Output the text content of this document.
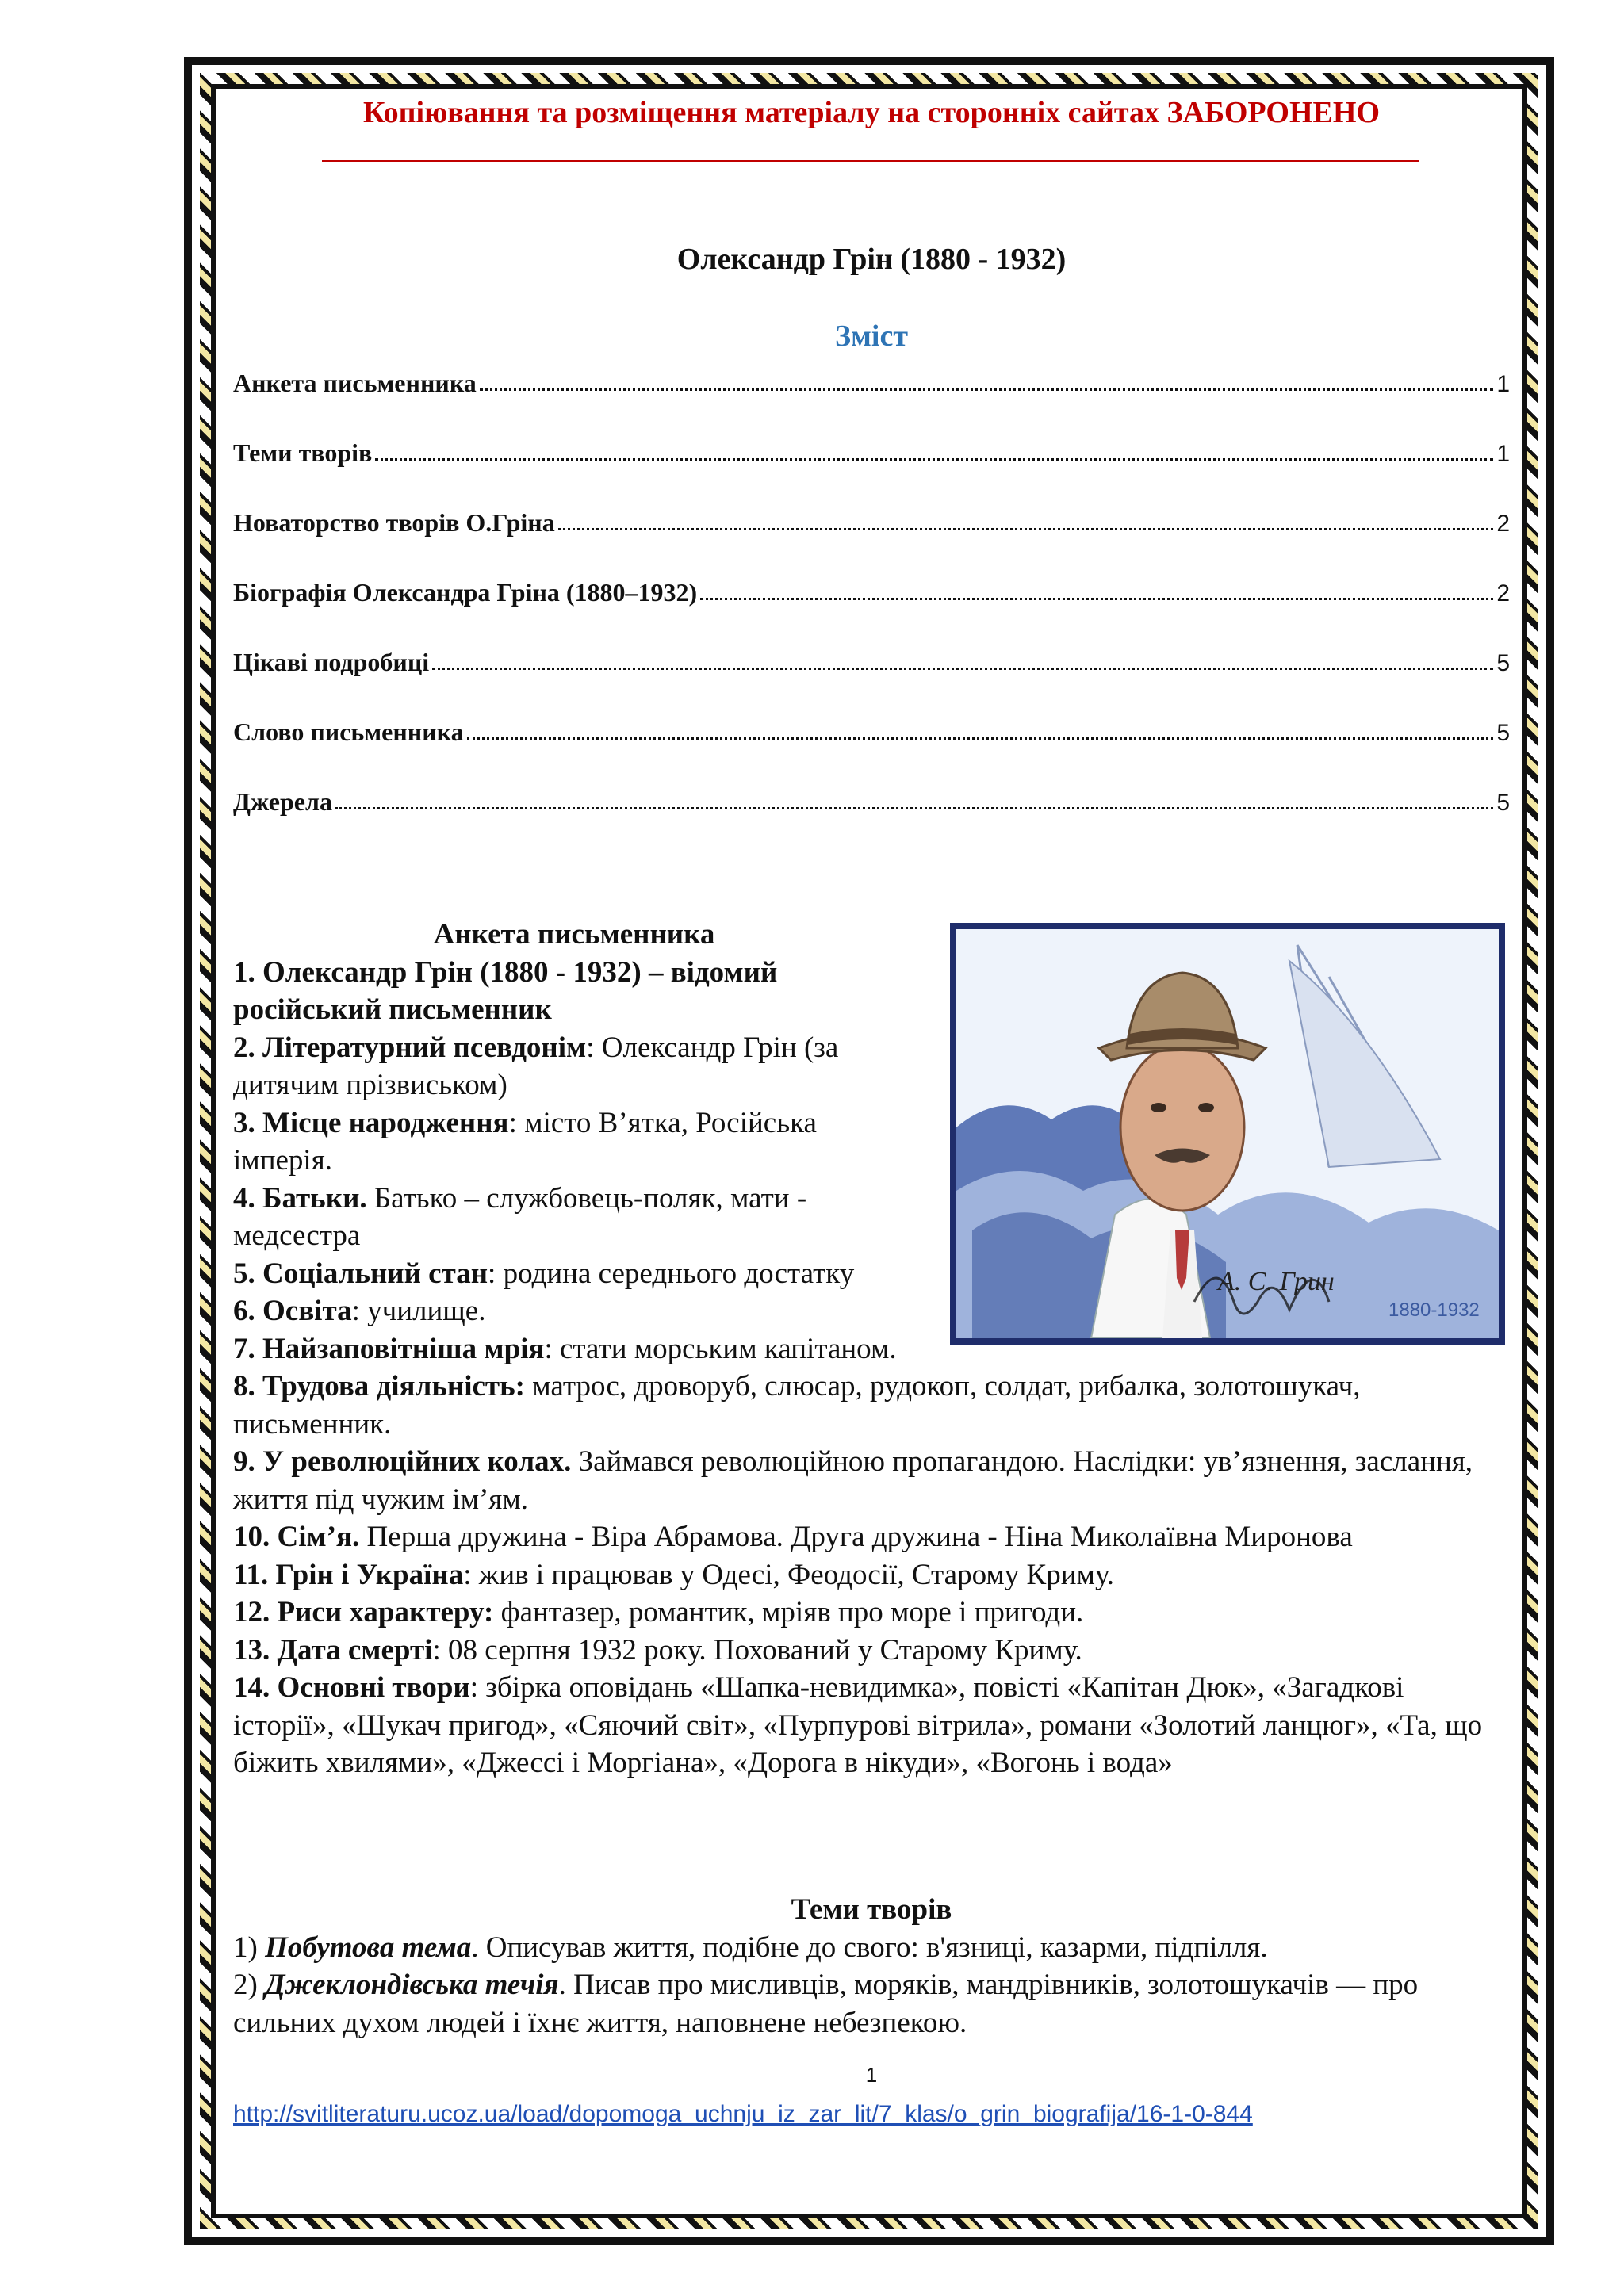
Копіювання та розміщення матеріалу на сторонніх сайтах ЗАБОРОНЕНО
Олександр Грін (1880 - 1932)
Зміст
Анкета письменника	1
Теми творів	1
Новаторство творів О.Гріна	2
Біографія Олександра Гріна (1880–1932)	2
Цікаві подробиці	5
Слово письменника	5
Джерела	5
А. С. Грин
1880-1932
Анкета письменника

1. Олександр Грін (1880 - 1932) – відомий російський письменник

2. Літературний псевдонім: Олександр Грін (за дитячим прізвиськом)

3. Місце народження: місто В’ятка, Російська імперія.

4. Батьки. Батько – службовець-поляк, мати - медсестра

5. Соціальний стан: родина середнього достатку

6. Освіта: училище.

7. Найзаповітніша мрія: стати морським капітаном.

8. Трудова діяльність: матрос, дроворуб, слюсар, рудокоп, солдат, рибалка, золотошукач, письменник.

9. У революційних колах. Займався революційною пропагандою. Наслідки: ув’язнення, заслання, життя під чужим ім’ям.

10. Сім’я. Перша дружина - Віра Абрамова. Друга дружина - Ніна Миколаївна Миронова

11. Грін і Україна: жив і працював у Одесі, Феодосії, Старому Криму.

12. Риси характеру: фантазер, романтик, мріяв про море і пригоди.

13. Дата смерті: 08 серпня 1932 року. Похований у Старому Криму.

14. Основні твори: збірка оповідань «Шапка-невидимка», повісті «Капітан Дюк», «Загадкові історії», «Шукач пригод», «Сяючий світ», «Пурпурові вітрила», романи «Золотий ланцюг», «Та, що біжить хвилями», «Джессі і Моргіана», «Дорога в нікуди», «Вогонь і вода»

Теми творів

1) Побутова тема. Описував життя, подібне до свого: в'язниці, казарми, підпілля.

2) Джеклондівська течія. Писав про мисливців, моряків, мандрівників, золотошукачів — про сильних духом людей і їхнє життя, наповнене небезпекою.

1
http://svitliteraturu.ucoz.ua/load/dopomoga_uchnju_iz_zar_lit/7_klas/o_grin_biografija/16-1-0-844
